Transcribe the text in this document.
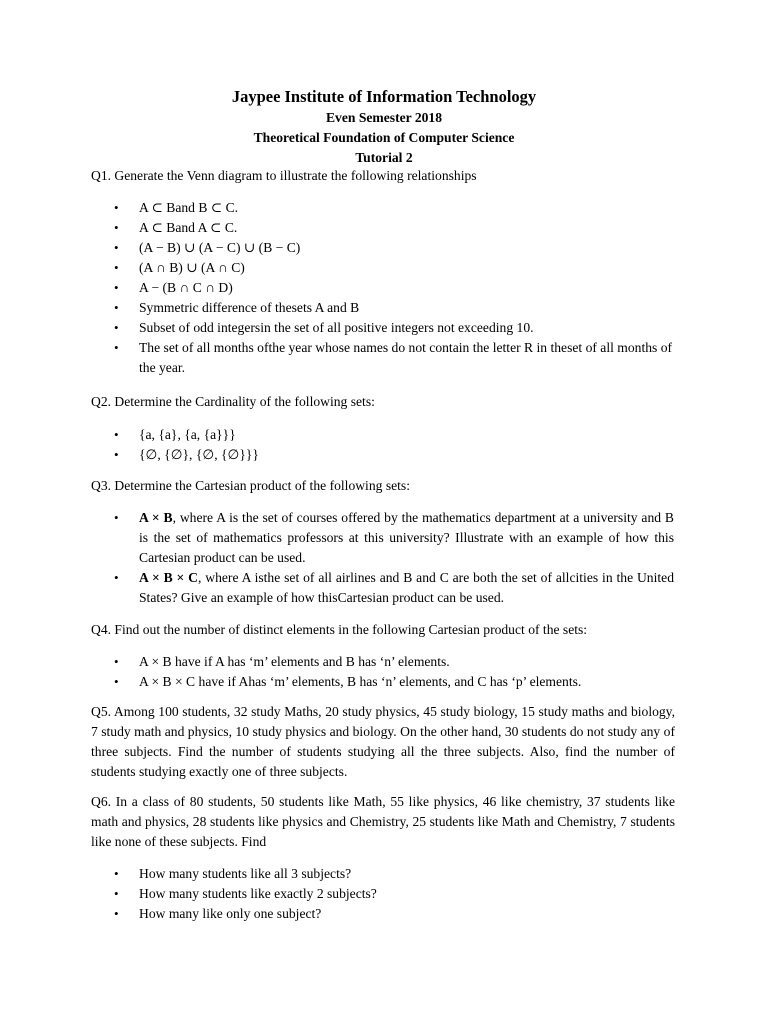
Jaypee Institute of Information Technology
Even Semester 2018
Theoretical Foundation of Computer Science
Tutorial 2
Q1. Generate the Venn diagram to illustrate the following relationships
• A ⊂ Band B ⊂ C.
• A ⊂ Band A ⊂ C.
• (A − B) ∪ (A − C) ∪ (B − C)
• (A ∩ B) ∪ (A ∩ C)
• A − (B ∩ C ∩ D)
• Symmetric difference of thesets A and B
• Subset of odd integersin the set of all positive integers not exceeding 10.
• The set of all months ofthe year whose names do not contain the letter R in theset of all months of the year.
Q2. Determine the Cardinality of the following sets:
• {a, {a}, {a, {a}}}
• {∅, {∅}, {∅, {∅}}}
Q3. Determine the Cartesian product of the following sets:
• A × B, where A is the set of courses offered by the mathematics department at a university and B is the set of mathematics professors at this university? Illustrate with an example of how this Cartesian product can be used.
• A × B × C, where A isthe set of all airlines and B and C are both the set of allcities in the United States? Give an example of how thisCartesian product can be used.
Q4. Find out the number of distinct elements in the following Cartesian product of the sets:
• A × B have if A has ‘m’ elements and B has ‘n’ elements.
• A × B × C have if Ahas ‘m’ elements, B has ‘n’ elements, and C has ‘p’ elements.
Q5. Among 100 students, 32 study Maths, 20 study physics, 45 study biology, 15 study maths and biology, 7 study math and physics, 10 study physics and biology. On the other hand, 30 students do not study any of three subjects. Find the number of students studying all the three subjects. Also, find the number of students studying exactly one of three subjects.
Q6. In a class of 80 students, 50 students like Math, 55 like physics, 46 like chemistry, 37 students like math and physics, 28 students like physics and Chemistry, 25 students like Math and Chemistry, 7 students like none of these subjects. Find
• How many students like all 3 subjects?
• How many students like exactly 2 subjects?
• How many like only one subject?
